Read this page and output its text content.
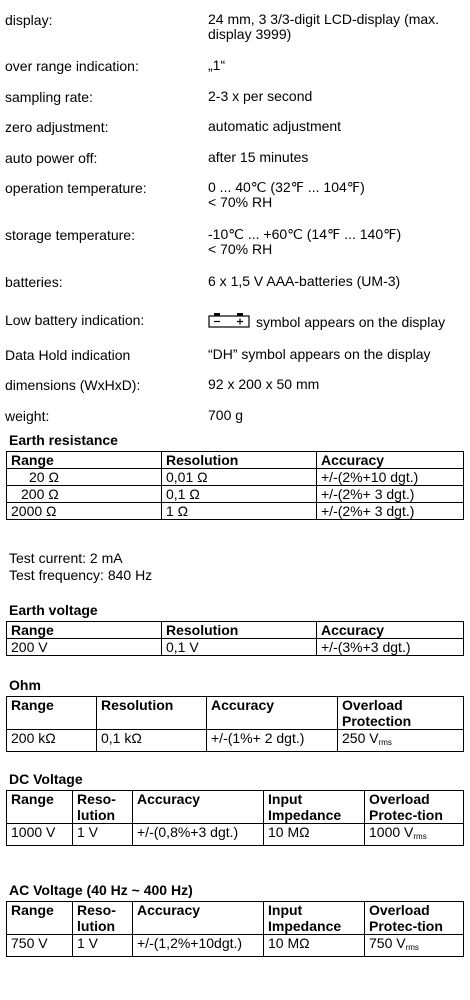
display:	24 mm, 3 3/3-digit LCD-display (max. display 3999)
over range indication:	„1“
sampling rate:	2-3 x per second
zero adjustment:	automatic adjustment
auto power off:	after 15 minutes
operation temperature:	0 ... 40℃ (32℉ ... 104℉)
< 70% RH
storage temperature:	-10℃ ... +60℃ (14℉ ... 140℉)
< 70% RH
batteries:	6 x 1,5 V AAA-batteries (UM-3)
Low battery indication:	symbol appears on the display
Data Hold indication	“DH” symbol appears on the display
dimensions (WxHxD):	92 x 200 x 50 mm
weight:	700 g
Earth resistance
Range	Resolution	Accuracy
20 Ω	0,01 Ω	+/-(2%+10 dgt.)
200 Ω	0,1 Ω	+/-(2%+ 3 dgt.)
2000 Ω	1 Ω	+/-(2%+ 3 dgt.)
Test current: 2 mA
Test frequency: 840 Hz
Earth voltage
Range	Resolution	Accuracy
200 V	0,1 V	+/-(3%+3 dgt.)
Ohm
Range	Resolution	Accuracy	Overload Protection
200 kΩ	0,1 kΩ	+/-(1%+ 2 dgt.)	250 $V_{rms}$
DC Voltage
Range	Reso-lution	Accuracy	Input Impedance	Overload Protec-tion
1000 V	1 V	+/-(0,8%+3 dgt.)	10 MΩ	1000 $V_{rms}$
AC Voltage (40 Hz ~ 400 Hz)
Range	Reso-lution	Accuracy	Input Impedance	Overload Protec-tion
750 V	1 V	+/-(1,2%+10dgt.)	10 MΩ	750 $V_{rms}$
